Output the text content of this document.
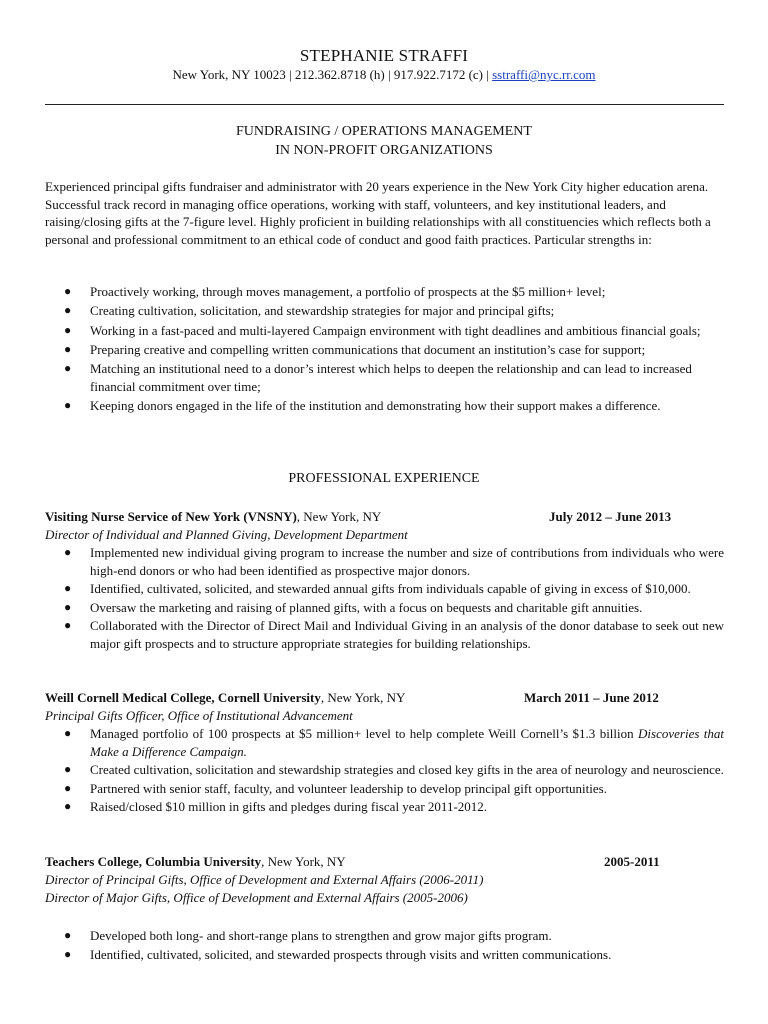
STEPHANIE STRAFFI
New York, NY 10023 | 212.362.8718 (h) | 917.922.7172 (c) | sstraffi@nyc.rr.com
FUNDRAISING / OPERATIONS MANAGEMENT
IN NON-PROFIT ORGANIZATIONS
Experienced principal gifts fundraiser and administrator with 20 years experience in the New York City higher education arena. Successful track record in managing office operations, working with staff, volunteers, and key institutional leaders, and raising/closing gifts at the 7-figure level. Highly proficient in building relationships with all constituencies which reflects both a personal and professional commitment to an ethical code of conduct and good faith practices. Particular strengths in:
● Proactively working, through moves management, a portfolio of prospects at the $5 million+ level;
● Creating cultivation, solicitation, and stewardship strategies for major and principal gifts;
● Working in a fast-paced and multi-layered Campaign environment with tight deadlines and ambitious financial goals;
● Preparing creative and compelling written communications that document an institution’s case for support;
● Matching an institutional need to a donor’s interest which helps to deepen the relationship and can lead to increased financial commitment over time;
● Keeping donors engaged in the life of the institution and demonstrating how their support makes a difference.
PROFESSIONAL EXPERIENCE
Visiting Nurse Service of New York (VNSNY), New York, NY	July 2012 – June 2013
Director of Individual and Planned Giving, Development Department
● Implemented new individual giving program to increase the number and size of contributions from individuals who were high-end donors or who had been identified as prospective major donors.
● Identified, cultivated, solicited, and stewarded annual gifts from individuals capable of giving in excess of $10,000.
● Oversaw the marketing and raising of planned gifts, with a focus on bequests and charitable gift annuities.
● Collaborated with the Director of Direct Mail and Individual Giving in an analysis of the donor database to seek out new major gift prospects and to structure appropriate strategies for building relationships.
Weill Cornell Medical College, Cornell University, New York, NY	March 2011 – June 2012
Principal Gifts Officer, Office of Institutional Advancement
● Managed portfolio of 100 prospects at $5 million+ level to help complete Weill Cornell’s $1.3 billion Discoveries that Make a Difference Campaign.
● Created cultivation, solicitation and stewardship strategies and closed key gifts in the area of neurology and neuroscience.
● Partnered with senior staff, faculty, and volunteer leadership to develop principal gift opportunities.
● Raised/closed $10 million in gifts and pledges during fiscal year 2011-2012.
Teachers College, Columbia University, New York, NY	2005-2011
Director of Principal Gifts, Office of Development and External Affairs (2006-2011)
Director of Major Gifts, Office of Development and External Affairs (2005-2006)
● Developed both long- and short-range plans to strengthen and grow major gifts program.
● Identified, cultivated, solicited, and stewarded prospects through visits and written communications.
